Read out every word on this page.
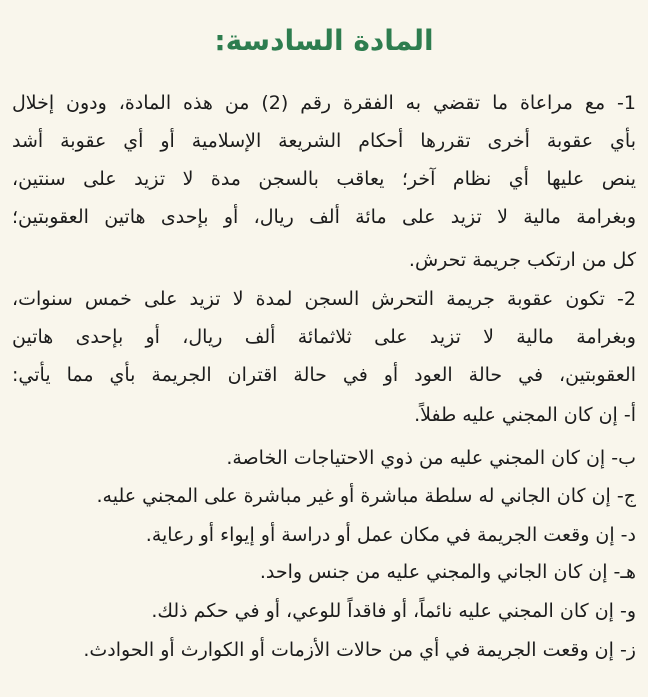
المادة السادسة:
1- مع مراعاة ما تقضي به الفقرة رقم (2) من هذه المادة، ودون إخلال
بأي عقوبة أخرى تقررها أحكام الشريعة الإسلامية أو أي عقوبة أشد
ينص عليها أي نظام آخر؛ يعاقب بالسجن مدة لا تزيد على سنتين،
وبغرامة مالية لا تزيد على مائة ألف ريال، أو بإحدى هاتين العقوبتين؛
كل من ارتكب جريمة تحرش.
2- تكون عقوبة جريمة التحرش السجن لمدة لا تزيد على خمس سنوات،
وبغرامة مالية لا تزيد على ثلاثمائة ألف ريال، أو بإحدى هاتين
العقوبتين، في حالة العود أو في حالة اقتران الجريمة بأي مما يأتي:
أ- إن كان المجني عليه طفلاً.
ب- إن كان المجني عليه من ذوي الاحتياجات الخاصة.
ج- إن كان الجاني له سلطة مباشرة أو غير مباشرة على المجني عليه.
د- إن وقعت الجريمة في مكان عمل أو دراسة أو إيواء أو رعاية.
هـ- إن كان الجاني والمجني عليه من جنس واحد.
و- إن كان المجني عليه نائماً، أو فاقداً للوعي، أو في حكم ذلك.
ز- إن وقعت الجريمة في أي من حالات الأزمات أو الكوارث أو الحوادث.
